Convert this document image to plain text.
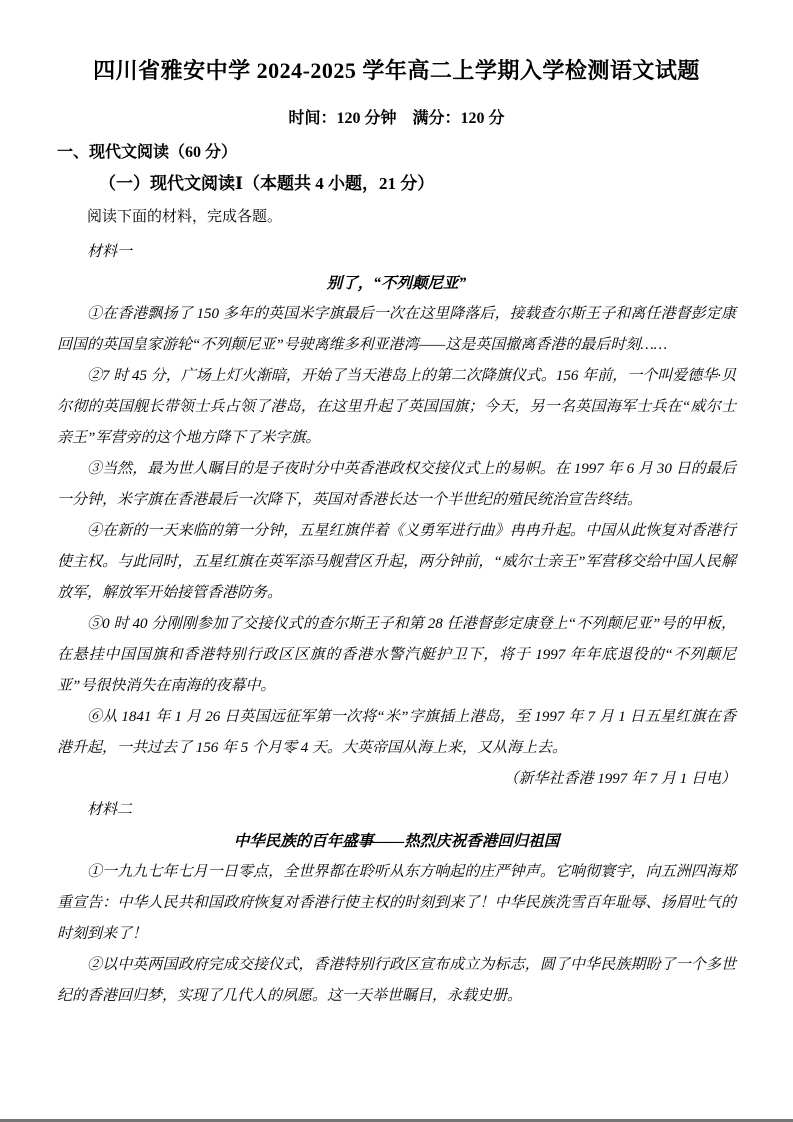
四川省雅安中学 2024-2025 学年高二上学期入学检测语文试题
时间：120 分钟　满分：120 分
一、现代文阅读（60 分）
（一）现代文阅读Ⅰ（本题共 4 小题，21 分）
阅读下面的材料，完成各题。
材料一
别了，“不列颠尼亚”

①在香港飘扬了 150 多年的英国米字旗最后一次在这里降落后，接载查尔斯王子和离任港督彭定康回国的英国皇家游轮“不列颠尼亚”号驶离维多利亚港湾——这是英国撤离香港的最后时刻……

②7 时 45 分，广场上灯火渐暗，开始了当天港岛上的第二次降旗仪式。156 年前，一个叫爱德华·贝尔彻的英国舰长带领士兵占领了港岛，在这里升起了英国国旗；今天，另一名英国海军士兵在“威尔士亲王”军营旁的这个地方降下了米字旗。

③当然，最为世人瞩目的是子夜时分中英香港政权交接仪式上的易帜。在 1997 年 6 月 30 日的最后一分钟，米字旗在香港最后一次降下，英国对香港长达一个半世纪的殖民统治宣告终结。

④在新的一天来临的第一分钟，五星红旗伴着《义勇军进行曲》冉冉升起。中国从此恢复对香港行使主权。与此同时，五星红旗在英军添马舰营区升起，两分钟前，“威尔士亲王”军营移交给中国人民解放军，解放军开始接管香港防务。

⑤0 时 40 分刚刚参加了交接仪式的查尔斯王子和第 28 任港督彭定康登上“不列颠尼亚”号的甲板，在悬挂中国国旗和香港特别行政区区旗的香港水警汽艇护卫下，将于 1997 年年底退役的“不列颠尼亚”号很快消失在南海的夜幕中。

⑥从 1841 年 1 月 26 日英国远征军第一次将“米”字旗插上港岛，至 1997 年 7 月 1 日五星红旗在香港升起，一共过去了 156 年 5 个月零 4 天。大英帝国从海上来，又从海上去。

（新华社香港 1997 年 7 月 1 日电）

材料二
中华民族的百年盛事——热烈庆祝香港回归祖国

①一九九七年七月一日零点，全世界都在聆听从东方响起的庄严钟声。它响彻寰宇，向五洲四海郑重宣告：中华人民共和国政府恢复对香港行使主权的时刻到来了！中华民族洗雪百年耻辱、扬眉吐气的时刻到来了！

②以中英两国政府完成交接仪式，香港特别行政区宣布成立为标志，圆了中华民族期盼了一个多世纪的香港回归梦，实现了几代人的夙愿。这一天举世瞩目，永载史册。
